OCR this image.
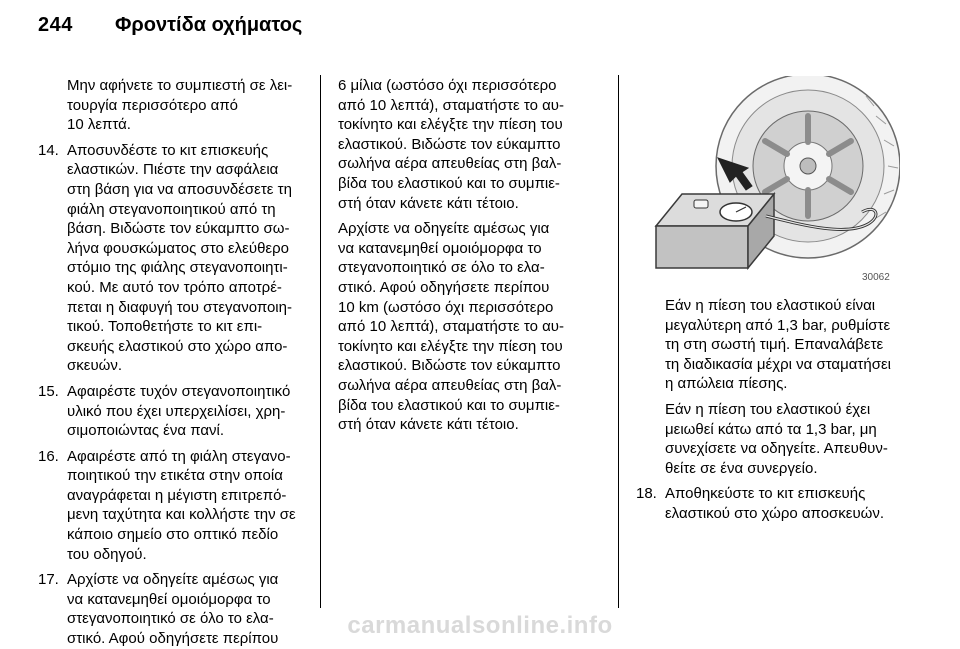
244 Φροντίδα οχήματος

Μην αφήνετε το συμπιεστή σε λει-

τουργία περισσότερο από

10 λεπτά.

14. Αποσυνδέστε το κιτ επισκευής

ελαστικών. Πιέστε την ασφάλεια

στη βάση για να αποσυνδέσετε τη

φιάλη στεγανοποιητικού από τη

βάση. Βιδώστε τον εύκαμπτο σω-

λήνα φουσκώματος στο ελεύθερο

στόμιο της φιάλης στεγανοποιητι-

κού. Με αυτό τον τρόπο αποτρέ-

πεται η διαφυγή του στεγανοποιη-

τικού. Τοποθετήστε το κιτ επι-

σκευής ελαστικού στο χώρο απο-

σκευών.

15. Αφαιρέστε τυχόν στεγανοποιητικό

υλικό που έχει υπερχειλίσει, χρη-

σιμοποιώντας ένα πανί.

16. Αφαιρέστε από τη φιάλη στεγανο-

ποιητικού την ετικέτα στην οποία

αναγράφεται η μέγιστη επιτρεπό-

μενη ταχύτητα και κολλήστε την σε

κάποιο σημείο στο οπτικό πεδίο

του οδηγού.

17. Αρχίστε να οδηγείτε αμέσως για

να κατανεμηθεί ομοιόμορφα το

στεγανοποιητικό σε όλο το ελα-

στικό. Αφού οδηγήσετε περίπου

6 μίλια (ωστόσο όχι περισσότερο

από 10 λεπτά), σταματήστε το αυ-

τοκίνητο και ελέγξτε την πίεση του

ελαστικού. Βιδώστε τον εύκαμπτο

σωλήνα αέρα απευθείας στη βαλ-

βίδα του ελαστικού και το συμπιε-

στή όταν κάνετε κάτι τέτοιο.

Αρχίστε να οδηγείτε αμέσως για

να κατανεμηθεί ομοιόμορφα το

στεγανοποιητικό σε όλο το ελα-

στικό. Αφού οδηγήσετε περίπου

10 km (ωστόσο όχι περισσότερο

από 10 λεπτά), σταματήστε το αυ-

τοκίνητο και ελέγξτε την πίεση του

ελαστικού. Βιδώστε τον εύκαμπτο

σωλήνα αέρα απευθείας στη βαλ-

βίδα του ελαστικού και το συμπιε-

στή όταν κάνετε κάτι τέτοιο.

30062

Εάν η πίεση του ελαστικού είναι

μεγαλύτερη από 1,3 bar, ρυθμίστε

τη στη σωστή τιμή. Επαναλάβετε

τη διαδικασία μέχρι να σταματήσει

η απώλεια πίεσης.

Εάν η πίεση του ελαστικού έχει

μειωθεί κάτω από τα 1,3 bar, μη

συνεχίσετε να οδηγείτε. Απευθυν-

θείτε σε ένα συνεργείο.

18. Αποθηκεύστε το κιτ επισκευής

ελαστικού στο χώρο αποσκευών.

carmanualsonline.info
